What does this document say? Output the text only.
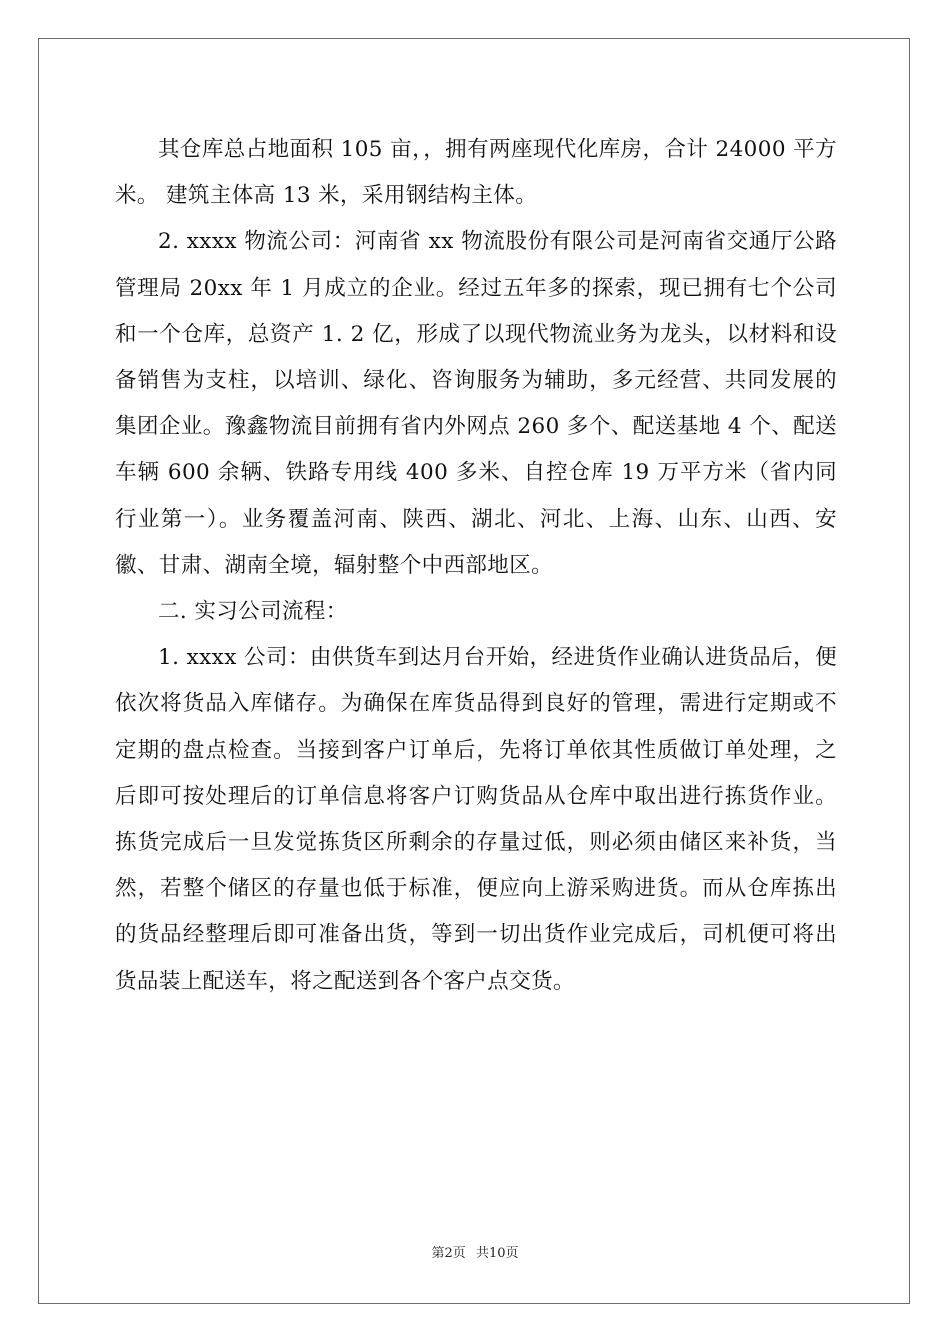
其仓库总占地面积 105 亩，，拥有两座现代化库房，合计 24000 平方米。 建筑主体高 13 米，采用钢结构主体。

2. xxxx 物流公司：河南省 xx 物流股份有限公司是河南省交通厅公路管理局 20xx 年 1 月成立的企业。经过五年多的探索，现已拥有七个公司和一个仓库，总资产 1. 2 亿，形成了以现代物流业务为龙头，以材料和设备销售为支柱，以培训、绿化、咨询服务为辅助，多元经营、共同发展的集团企业。豫鑫物流目前拥有省内外网点 260 多个、配送基地 4 个、配送车辆 600 余辆、铁路专用线 400 多米、自控仓库 19 万平方米（省内同行业第一）。业务覆盖河南、陕西、湖北、河北、上海、山东、山西、安徽、甘肃、湖南全境，辐射整个中西部地区。

二. 实习公司流程：

1. xxxx 公司：由供货车到达月台开始，经进货作业确认进货品后，便依次将货品入库储存。为确保在库货品得到良好的管理，需进行定期或不定期的盘点检查。当接到客户订单后，先将订单依其性质做订单处理，之后即可按处理后的订单信息将客户订购货品从仓库中取出进行拣货作业。拣货完成后一旦发觉拣货区所剩余的存量过低，则必须由储区来补货，当然，若整个储区的存量也低于标准，便应向上游采购进货。而从仓库拣出的货品经整理后即可准备出货，等到一切出货作业完成后，司机便可将出货品装上配送车，将之配送到各个客户点交货。

第2页 共10页
